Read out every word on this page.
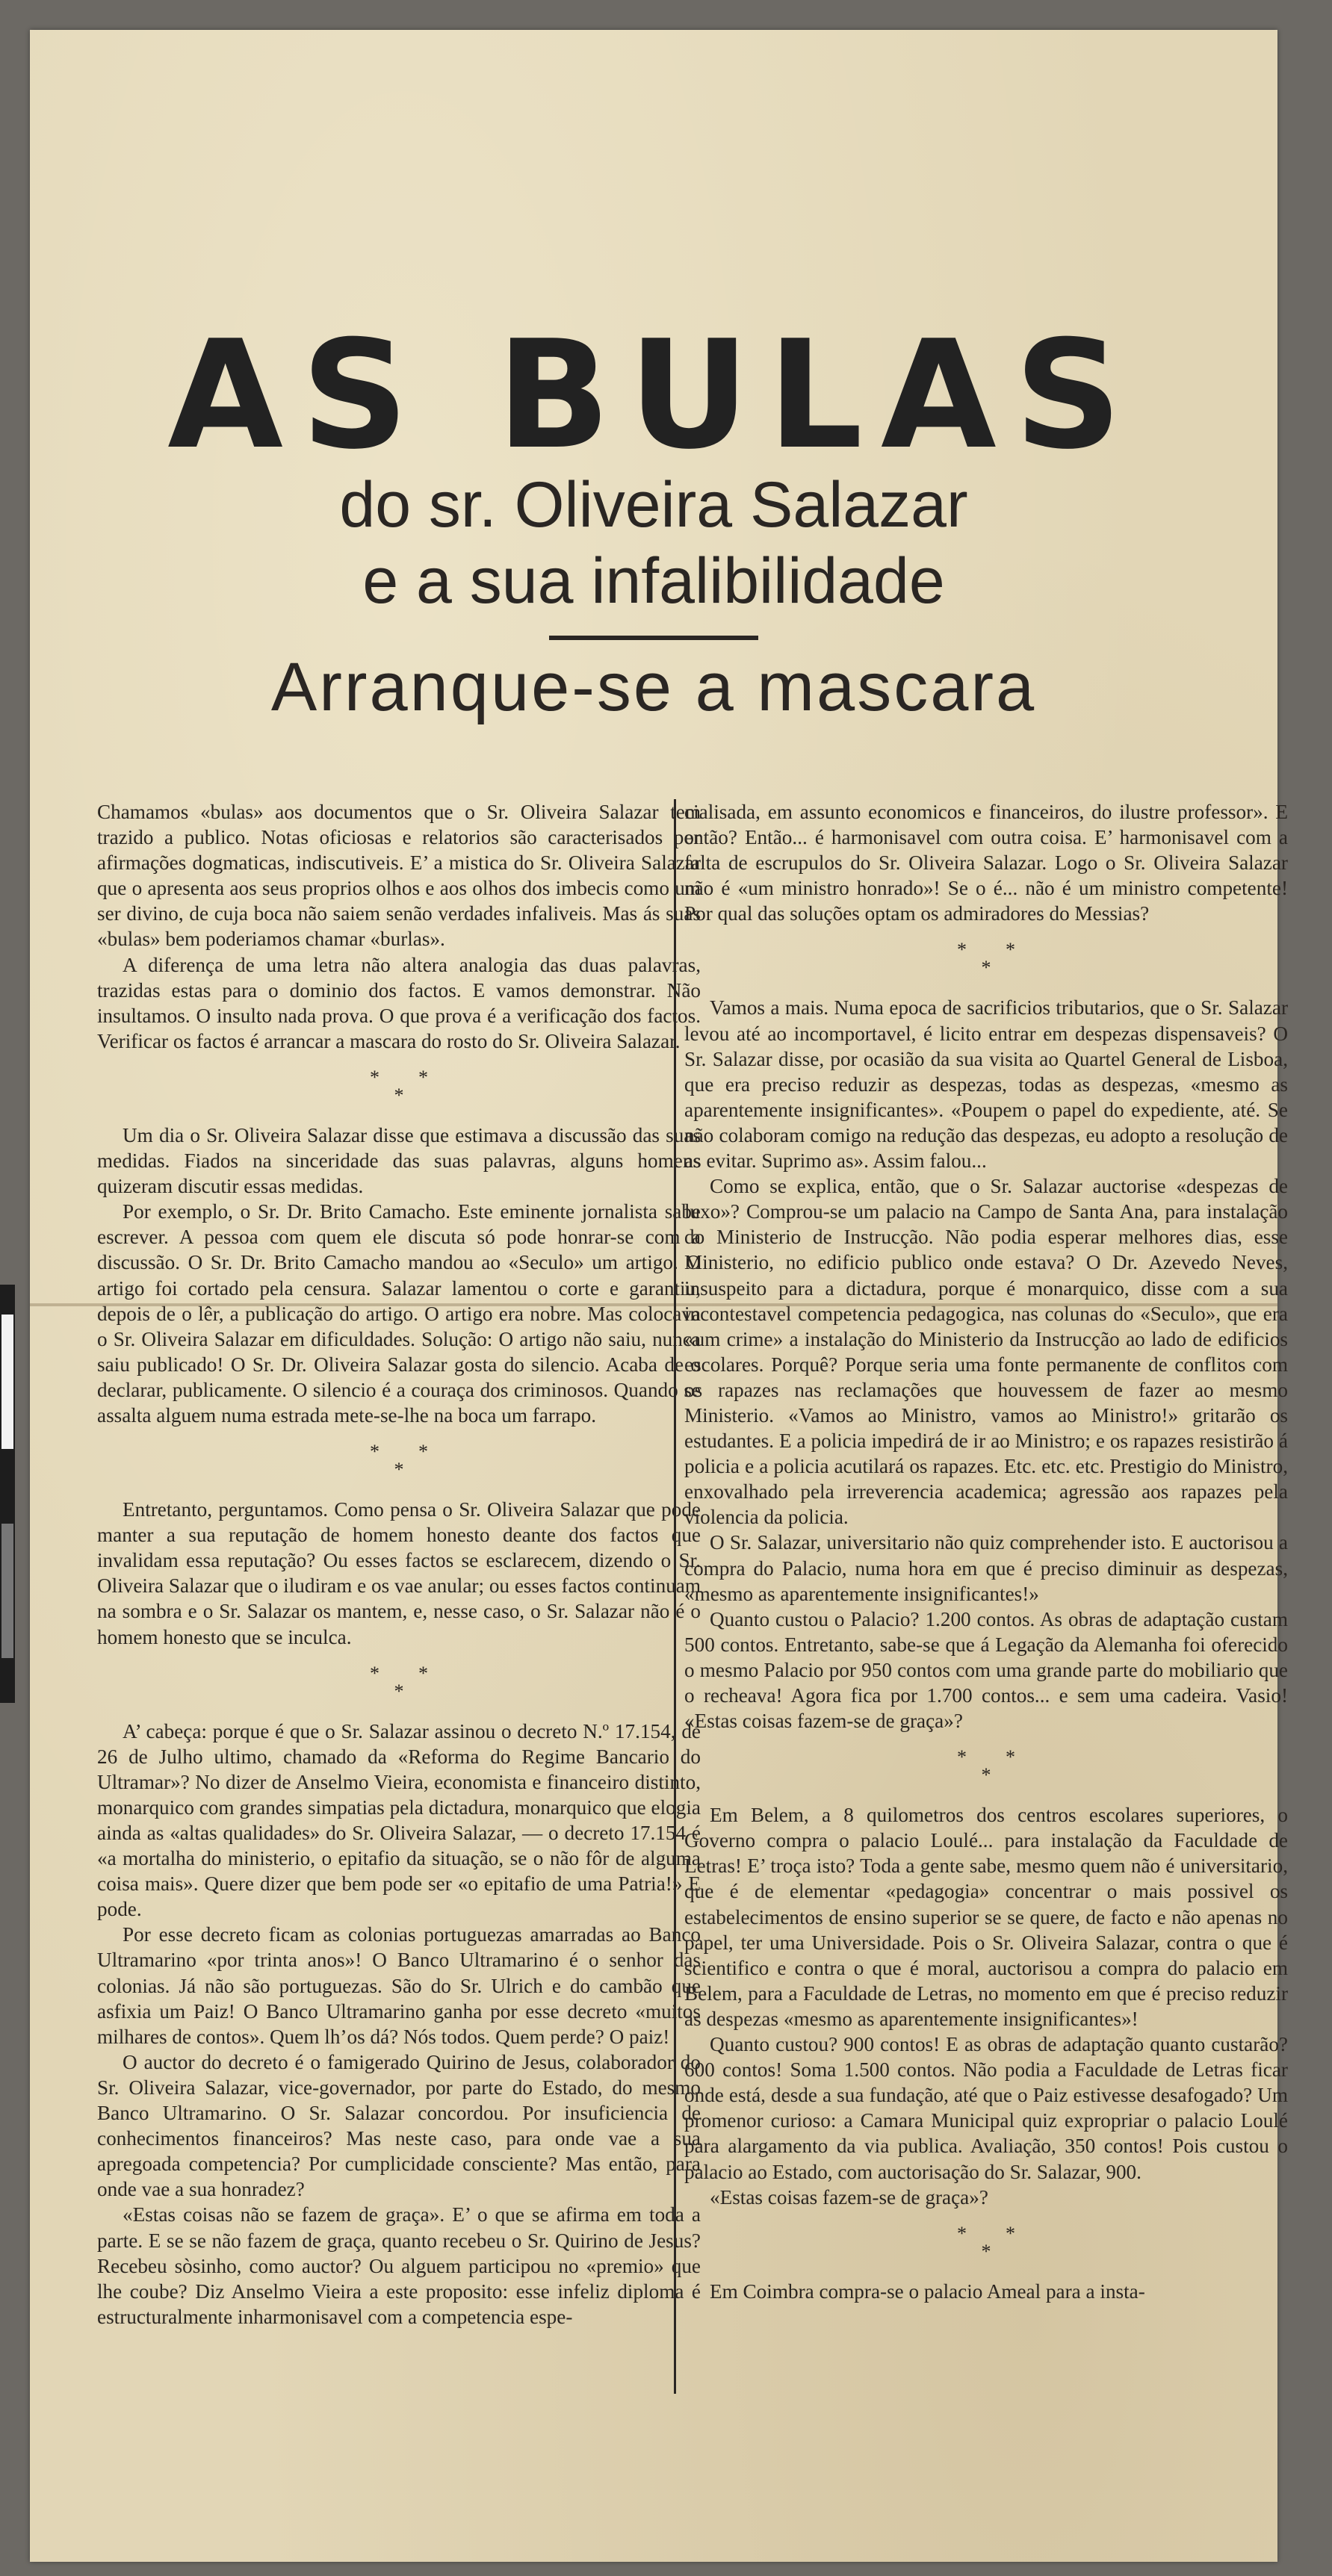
AS BULAS
do sr. Oliveira Salazar
e a sua infalibilidade
Arranque-se a mascara

Chamamos «bulas» aos documentos que o Sr. Oliveira Salazar tem trazido a publico. Notas oficiosas e relatorios são caracterisados por afirmações dogmaticas, indiscutiveis. E’ a mistica do Sr. Oliveira Salazar que o apresenta aos seus proprios olhos e aos olhos dos imbecis como um ser divino, de cuja boca não saiem senão verdades infaliveis. Mas ás suas «bulas» bem poderiamos chamar «burlas».

A diferença de uma letra não altera analogia das duas palavras, trazidas estas para o dominio dos factos. E vamos demonstrar. Não insultamos. O insulto nada prova. O que prova é a verificação dos factos. Verificar os factos é arrancar a mascara do rosto do Sr. Oliveira Salazar.

**
*

Um dia o Sr. Oliveira Salazar disse que estimava a discussão das suas medidas. Fiados na sinceridade das suas palavras, alguns homens quizeram discutir essas medidas.

Por exemplo, o Sr. Dr. Brito Camacho. Este eminente jornalista sabe escrever. A pessoa com quem ele discuta só pode honrar-se com a discussão. O Sr. Dr. Brito Camacho mandou ao «Seculo» um artigo. O artigo foi cortado pela censura. Salazar lamentou o corte e garantiu, depois de o lêr, a publicação do artigo. O artigo era nobre. Mas colocava o Sr. Oliveira Salazar em dificuldades. Solução: O artigo não saiu, nunca saiu publicado! O Sr. Dr. Oliveira Salazar gosta do silencio. Acaba de o declarar, publicamente. O silencio é a couraça dos criminosos. Quando se assalta alguem numa estrada mete-se-lhe na boca um farrapo.

**
*

Entretanto, perguntamos. Como pensa o Sr. Oliveira Salazar que pode manter a sua reputação de homem honesto deante dos factos que invalidam essa reputação? Ou esses factos se esclarecem, dizendo o Sr. Oliveira Salazar que o iludiram e os vae anular; ou esses factos continuam na sombra e o Sr. Salazar os mantem, e, nesse caso, o Sr. Salazar não é o homem honesto que se inculca.

**
*

A’ cabeça: porque é que o Sr. Salazar assinou o decreto N.º 17.154, de 26 de Julho ultimo, chamado da «Reforma do Regime Bancario do Ultramar»? No dizer de Anselmo Vieira, economista e financeiro distinto, monarquico com grandes simpatias pela dictadura, monarquico que elogia ainda as «altas qualidades» do Sr. Oliveira Salazar, — o decreto 17.154 é «a mortalha do ministerio, o epitafio da situação, se o não fôr de alguma coisa mais». Quere dizer que bem pode ser «o epitafio de uma Patria!» E pode.

Por esse decreto ficam as colonias portuguezas amarradas ao Banco Ultramarino «por trinta anos»! O Banco Ultramarino é o senhor das colonias. Já não são portuguezas. São do Sr. Ulrich e do cambão que asfixia um Paiz! O Banco Ultramarino ganha por esse decreto «muitos milhares de contos». Quem lh’os dá? Nós todos. Quem perde? O paiz!

O auctor do decreto é o famigerado Quirino de Jesus, colaborador do Sr. Oliveira Salazar, vice-governador, por parte do Estado, do mesmo Banco Ultramarino. O Sr. Salazar concordou. Por insuficiencia de conhecimentos financeiros? Mas neste caso, para onde vae a sua apregoada competencia? Por cumplicidade consciente? Mas então, para onde vae a sua honradez?

«Estas coisas não se fazem de graça». E’ o que se afirma em toda a parte. E se se não fazem de graça, quanto recebeu o Sr. Quirino de Jesus? Recebeu sòsinho, como auctor? Ou alguem participou no «premio» que lhe coube? Diz Anselmo Vieira a este proposito: esse infeliz diploma é estructuralmente inharmonisavel com a competencia espe-

cialisada, em assunto economicos e financeiros, do ilustre professor». E então? Então... é harmonisavel com outra coisa. E’ harmonisavel com a falta de escrupulos do Sr. Oliveira Salazar. Logo o Sr. Oliveira Salazar não é «um ministro honrado»! Se o é... não é um ministro competente! Por qual das soluções optam os admiradores do Messias?

**
*

Vamos a mais. Numa epoca de sacrificios tributarios, que o Sr. Salazar levou até ao incomportavel, é licito entrar em despezas dispensaveis? O Sr. Salazar disse, por ocasião da sua visita ao Quartel General de Lisboa, que era preciso reduzir as despezas, todas as despezas, «mesmo as aparentemente insignificantes». «Poupem o papel do expediente, até. Se não colaboram comigo na redução das despezas, eu adopto a resolução de as evitar. Suprimo as». Assim falou...

Como se explica, então, que o Sr. Salazar auctorise «despezas de luxo»? Comprou-se um palacio na Campo de Santa Ana, para instalação do Ministerio de Instrucção. Não podia esperar melhores dias, esse Ministerio, no edificio publico onde estava? O Dr. Azevedo Neves, insuspeito para a dictadura, porque é monarquico, disse com a sua incontestavel competencia pedagogica, nas colunas do «Seculo», que era «um crime» a instalação do Ministerio da Instrucção ao lado de edificios escolares. Porquê? Porque seria uma fonte permanente de conflitos com os rapazes nas reclamações que houvessem de fazer ao mesmo Ministerio. «Vamos ao Ministro, vamos ao Ministro!» gritarão os estudantes. E a policia impedirá de ir ao Ministro; e os rapazes resistirão á policia e a policia acutilará os rapazes. Etc. etc. etc. Prestigio do Ministro, enxovalhado pela irreverencia academica; agressão aos rapazes pela violencia da policia.

O Sr. Salazar, universitario não quiz comprehender isto. E auctorisou a compra do Palacio, numa hora em que é preciso diminuir as despezas, «mesmo as aparentemente insignificantes!»

Quanto custou o Palacio? 1.200 contos. As obras de adaptação custam 500 contos. Entretanto, sabe-se que á Legação da Alemanha foi oferecido o mesmo Palacio por 950 contos com uma grande parte do mobiliario que o recheava! Agora fica por 1.700 contos... e sem uma cadeira. Vasio! «Estas coisas fazem-se de graça»?

**
*

Em Belem, a 8 quilometros dos centros escolares superiores, o Governo compra o palacio Loulé... para instalação da Faculdade de Letras! E’ troça isto? Toda a gente sabe, mesmo quem não é universitario, que é de elementar «pedagogia» concentrar o mais possivel os estabelecimentos de ensino superior se se quere, de facto e não apenas no papel, ter uma Universidade. Pois o Sr. Oliveira Salazar, contra o que é scientifico e contra o que é moral, auctorisou a compra do palacio em Belem, para a Faculdade de Letras, no momento em que é preciso reduzir as despezas «mesmo as aparentemente insignificantes»!

Quanto custou? 900 contos! E as obras de adaptação quanto custarão? 600 contos! Soma 1.500 contos. Não podia a Faculdade de Letras ficar onde está, desde a sua fundação, até que o Paiz estivesse desafogado? Um promenor curioso: a Camara Municipal quiz expropriar o palacio Loulé para alargamento da via publica. Avaliação, 350 contos! Pois custou o palacio ao Estado, com auctorisação do Sr. Salazar, 900.

«Estas coisas fazem-se de graça»?

**
*

Em Coimbra compra-se o palacio Ameal para a insta-
